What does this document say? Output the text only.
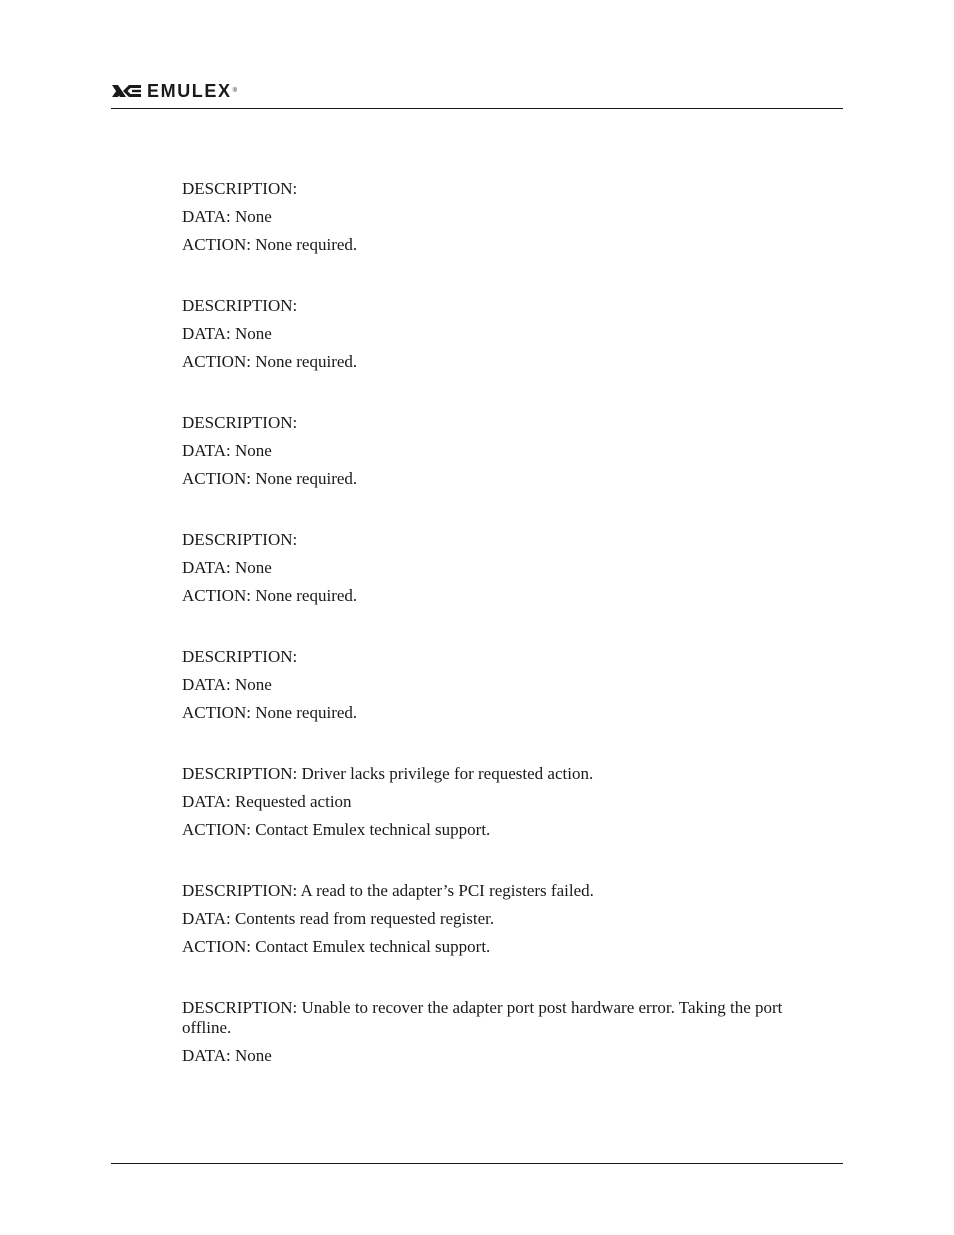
EMULEX ®
DESCRIPTION:
DATA: None
ACTION: None required.
DESCRIPTION:
DATA: None
ACTION: None required.
DESCRIPTION:
DATA: None
ACTION: None required.
DESCRIPTION:
DATA: None
ACTION: None required.
DESCRIPTION:
DATA: None
ACTION: None required.
DESCRIPTION: Driver lacks privilege for requested action.
DATA: Requested action
ACTION: Contact Emulex technical support.
DESCRIPTION: A read to the adapter’s PCI registers failed.
DATA: Contents read from requested register.
ACTION: Contact Emulex technical support.
DESCRIPTION: Unable to recover the adapter port post hardware error. Taking the port offline.
DATA: None
